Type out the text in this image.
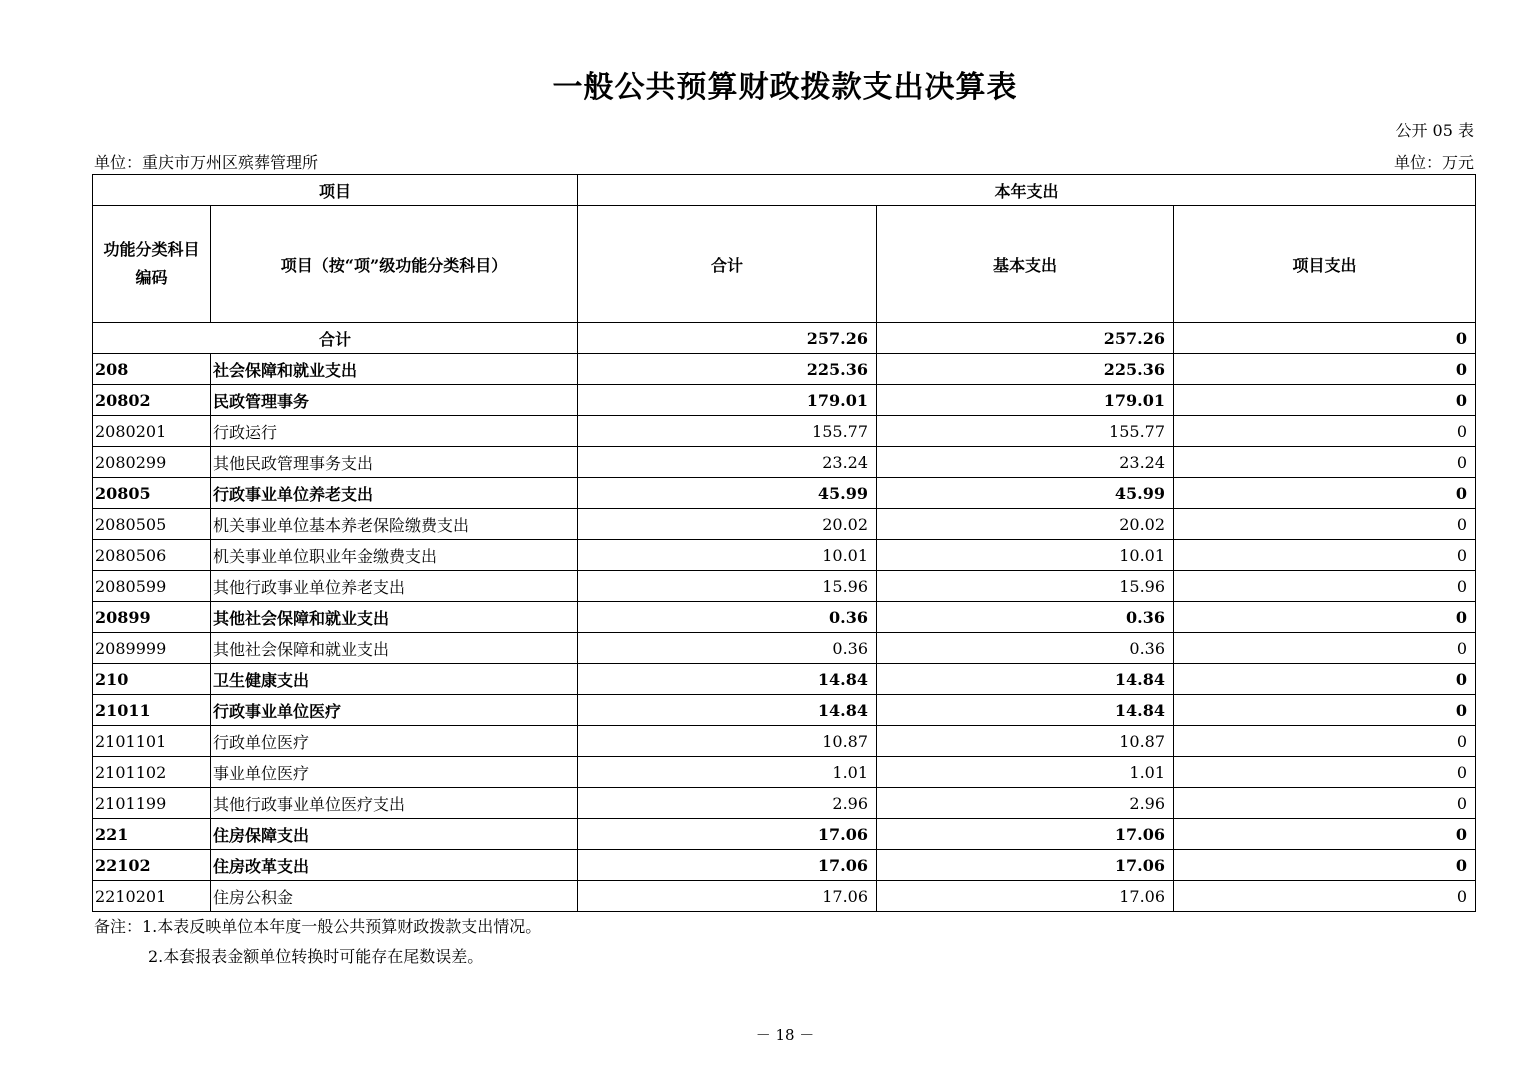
一般公共预算财政拨款支出决算表
公开 05 表
单位：重庆市万州区殡葬管理所	单位：万元
项目		本年支出		

功能分类科目
编码	项目（按“项”级功能分类科目）	合计	基本支出	项目支出
合计		257.26	257.26	0
208	社会保障和就业支出	225.36	225.36	0
20802	民政管理事务	179.01	179.01	0
2080201	行政运行	155.77	155.77	0
2080299	其他民政管理事务支出	23.24	23.24	0
20805	行政事业单位养老支出	45.99	45.99	0
2080505	机关事业单位基本养老保险缴费支出	20.02	20.02	0
2080506	机关事业单位职业年金缴费支出	10.01	10.01	0
2080599	其他行政事业单位养老支出	15.96	15.96	0
20899	其他社会保障和就业支出	0.36	0.36	0
2089999	其他社会保障和就业支出	0.36	0.36	0
210	卫生健康支出	14.84	14.84	0
21011	行政事业单位医疗	14.84	14.84	0
2101101	行政单位医疗	10.87	10.87	0
2101102	事业单位医疗	1.01	1.01	0
2101199	其他行政事业单位医疗支出	2.96	2.96	0
221	住房保障支出	17.06	17.06	0
22102	住房改革支出	17.06	17.06	0
2210201	住房公积金	17.06	17.06	0
备注：1.本表反映单位本年度一般公共预算财政拨款支出情况。
2.本套报表金额单位转换时可能存在尾数误差。
－ 18 －
